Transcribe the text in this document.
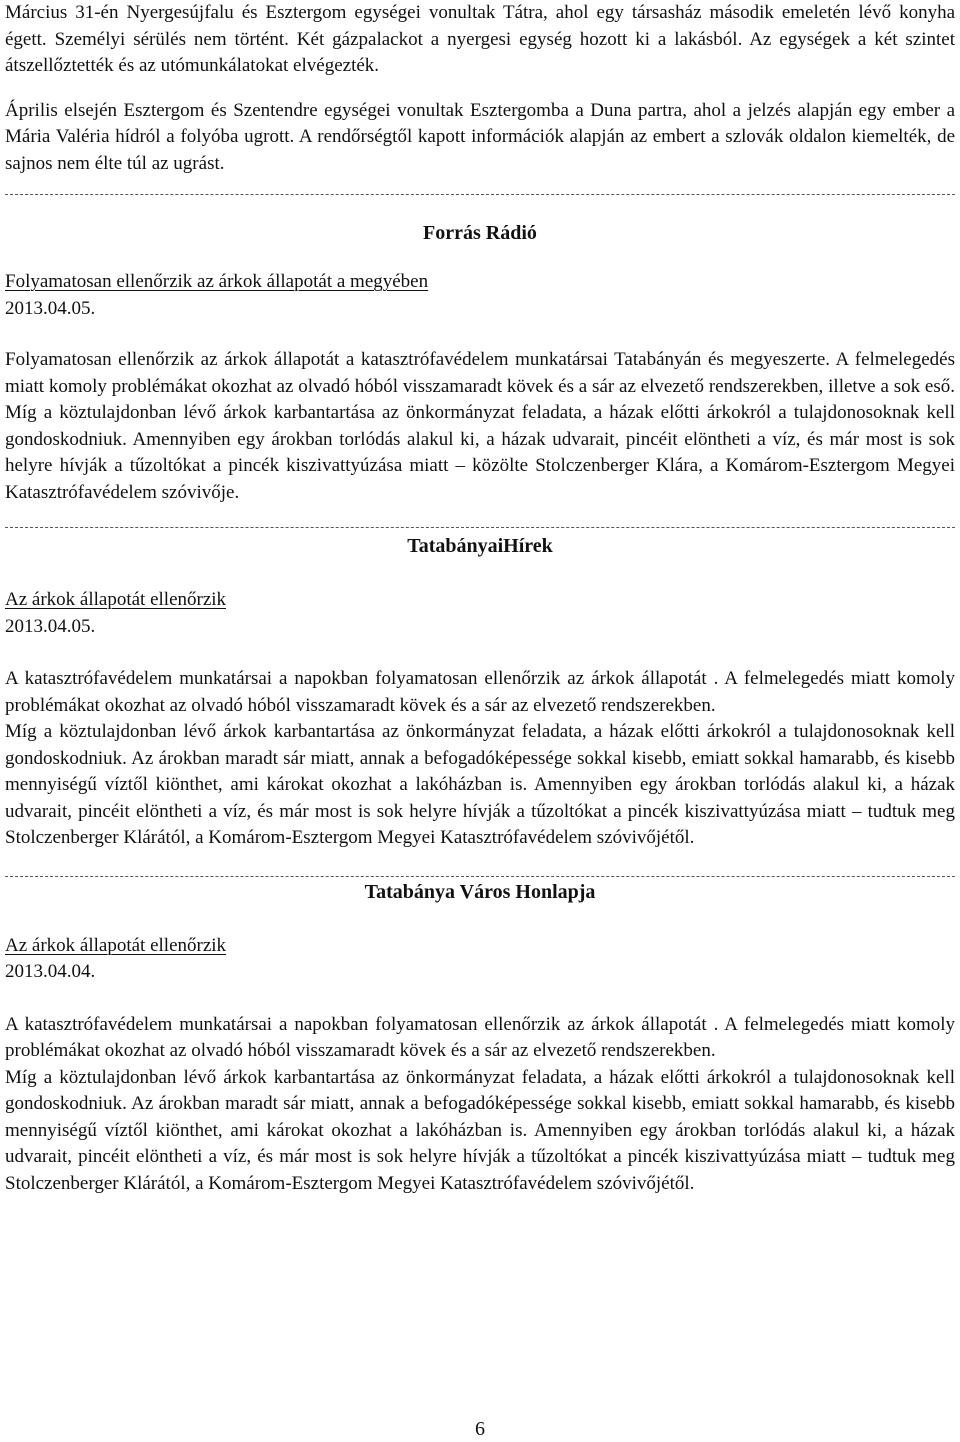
Március 31-én Nyergesújfalu és Esztergom egységei vonultak Tátra, ahol egy társasház második emeletén lévő konyha égett. Személyi sérülés nem történt. Két gázpalackot a nyergesi egység hozott ki a lakásból. Az egységek a két szintet átszellőztették és az utómunkálatokat elvégezték.

Április elsején Esztergom és Szentendre egységei vonultak Esztergomba a Duna partra, ahol a jelzés alapján egy ember a Mária Valéria hídról a folyóba ugrott. A rendőrségtől kapott információk alapján az embert a szlovák oldalon kiemelték, de sajnos nem élte túl az ugrást.

Forrás Rádió
Folyamatosan ellenőrzik az árkok állapotát a megyében
2013.04.05.

Folyamatosan ellenőrzik az árkok állapotát a katasztrófavédelem munkatársai Tatabányán és megyeszerte. A felmelegedés miatt komoly problémákat okozhat az olvadó hóból visszamaradt kövek és a sár az elvezető rendszerekben, illetve a sok eső. Míg a köztulajdonban lévő árkok karbantartása az önkormányzat feladata, a házak előtti árkokról a tulajdonosoknak kell gondoskodniuk. Amennyiben egy árokban torlódás alakul ki, a házak udvarait, pincéit elöntheti a víz, és már most is sok helyre hívják a tűzoltókat a pincék kiszivattyúzása miatt – közölte Stolczenberger Klára, a Komárom-Esztergom Megyei Katasztrófavédelem szóvivője.

TatabányaiHírek
Az árkok állapotát ellenőrzik
2013.04.05.

A katasztrófavédelem munkatársai a napokban folyamatosan ellenőrzik az árkok állapotát . A felmelegedés miatt komoly problémákat okozhat az olvadó hóból visszamaradt kövek és a sár az elvezető rendszerekben.

Míg a köztulajdonban lévő árkok karbantartása az önkormányzat feladata, a házak előtti árkokról a tulajdonosoknak kell gondoskodniuk. Az árokban maradt sár miatt, annak a befogadóképessége sokkal kisebb, emiatt sokkal hamarabb, és kisebb mennyiségű víztől kiönthet, ami károkat okozhat a lakóházban is. Amennyiben egy árokban torlódás alakul ki, a házak udvarait, pincéit elöntheti a víz, és már most is sok helyre hívják a tűzoltókat a pincék kiszivattyúzása miatt – tudtuk meg Stolczenberger Klárától, a Komárom-Esztergom Megyei Katasztrófavédelem szóvivőjétől.

Tatabánya Város Honlapja
Az árkok állapotát ellenőrzik
2013.04.04.

A katasztrófavédelem munkatársai a napokban folyamatosan ellenőrzik az árkok állapotát . A felmelegedés miatt komoly problémákat okozhat az olvadó hóból visszamaradt kövek és a sár az elvezető rendszerekben.

Míg a köztulajdonban lévő árkok karbantartása az önkormányzat feladata, a házak előtti árkokról a tulajdonosoknak kell gondoskodniuk. Az árokban maradt sár miatt, annak a befogadóképessége sokkal kisebb, emiatt sokkal hamarabb, és kisebb mennyiségű víztől kiönthet, ami károkat okozhat a lakóházban is. Amennyiben egy árokban torlódás alakul ki, a házak udvarait, pincéit elöntheti a víz, és már most is sok helyre hívják a tűzoltókat a pincék kiszivattyúzása miatt – tudtuk meg Stolczenberger Klárától, a Komárom-Esztergom Megyei Katasztrófavédelem szóvivőjétől.

6
